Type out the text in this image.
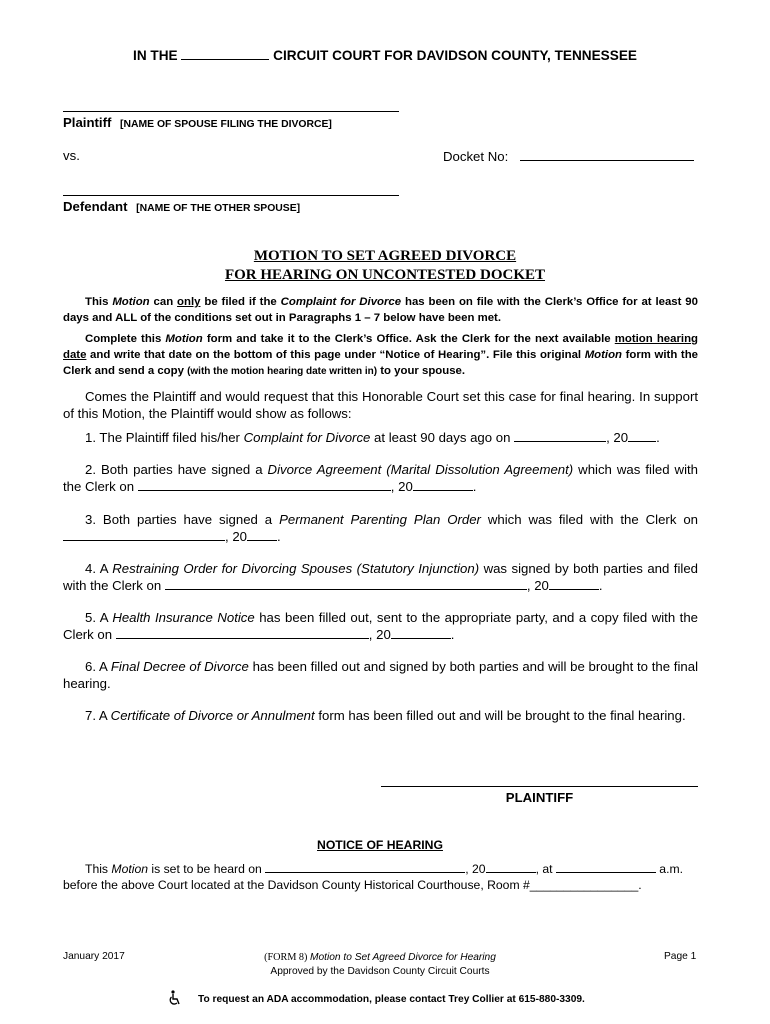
IN THE	CIRCUIT COURT FOR DAVIDSON COUNTY, TENNESSEE
Plaintiff [NAME OF SPOUSE FILING THE DIVORCE]
vs.	Docket No:
Defendant [NAME OF THE OTHER SPOUSE]
MOTION TO SET AGREED DIVORCE
FOR HEARING ON UNCONTESTED DOCKET
This Motion can only be filed if the Complaint for Divorce has been on file with the Clerk’s Office for at least 90 days and ALL of the conditions set out in Paragraphs 1 – 7 below have been met.
Complete this Motion form and take it to the Clerk’s Office. Ask the Clerk for the next available motion hearing date and write that date on the bottom of this page under “Notice of Hearing”. File this original Motion form with the Clerk and send a copy (with the motion hearing date written in) to your spouse.
Comes the Plaintiff and would request that this Honorable Court set this case for final hearing. In support of this Motion, the Plaintiff would show as follows:
1. The Plaintiff filed his/her Complaint for Divorce at least 90 days ago on	, 20 .
2. Both parties have signed a Divorce Agreement (Marital Dissolution Agreement) which was filed with the Clerk on	, 20	.
3. Both parties have signed a Permanent Parenting Plan Order which was filed with the Clerk on , 20 .
4. A Restraining Order for Divorcing Spouses (Statutory Injunction) was signed by both parties and filed with the Clerk on	, 20	.
5. A Health Insurance Notice has been filled out, sent to the appropriate party, and a copy filed with the Clerk on	, 20	.
6. A Final Decree of Divorce has been filled out and signed by both parties and will be brought to the final hearing.
7. A Certificate of Divorce or Annulment form has been filled out and will be brought to the final hearing.
PLAINTIFF
NOTICE OF HEARING
This Motion is set to be heard on	, 20	, at	a.m.
before the above Court located at the Davidson County Historical Courthouse, Room #________________.
January 2017	(FORM 8) Motion to Set Agreed Divorce for Hearing
Approved by the Davidson County Circuit Courts
Page 1
To request an ADA accommodation, please contact Trey Collier at 615-880-3309.
